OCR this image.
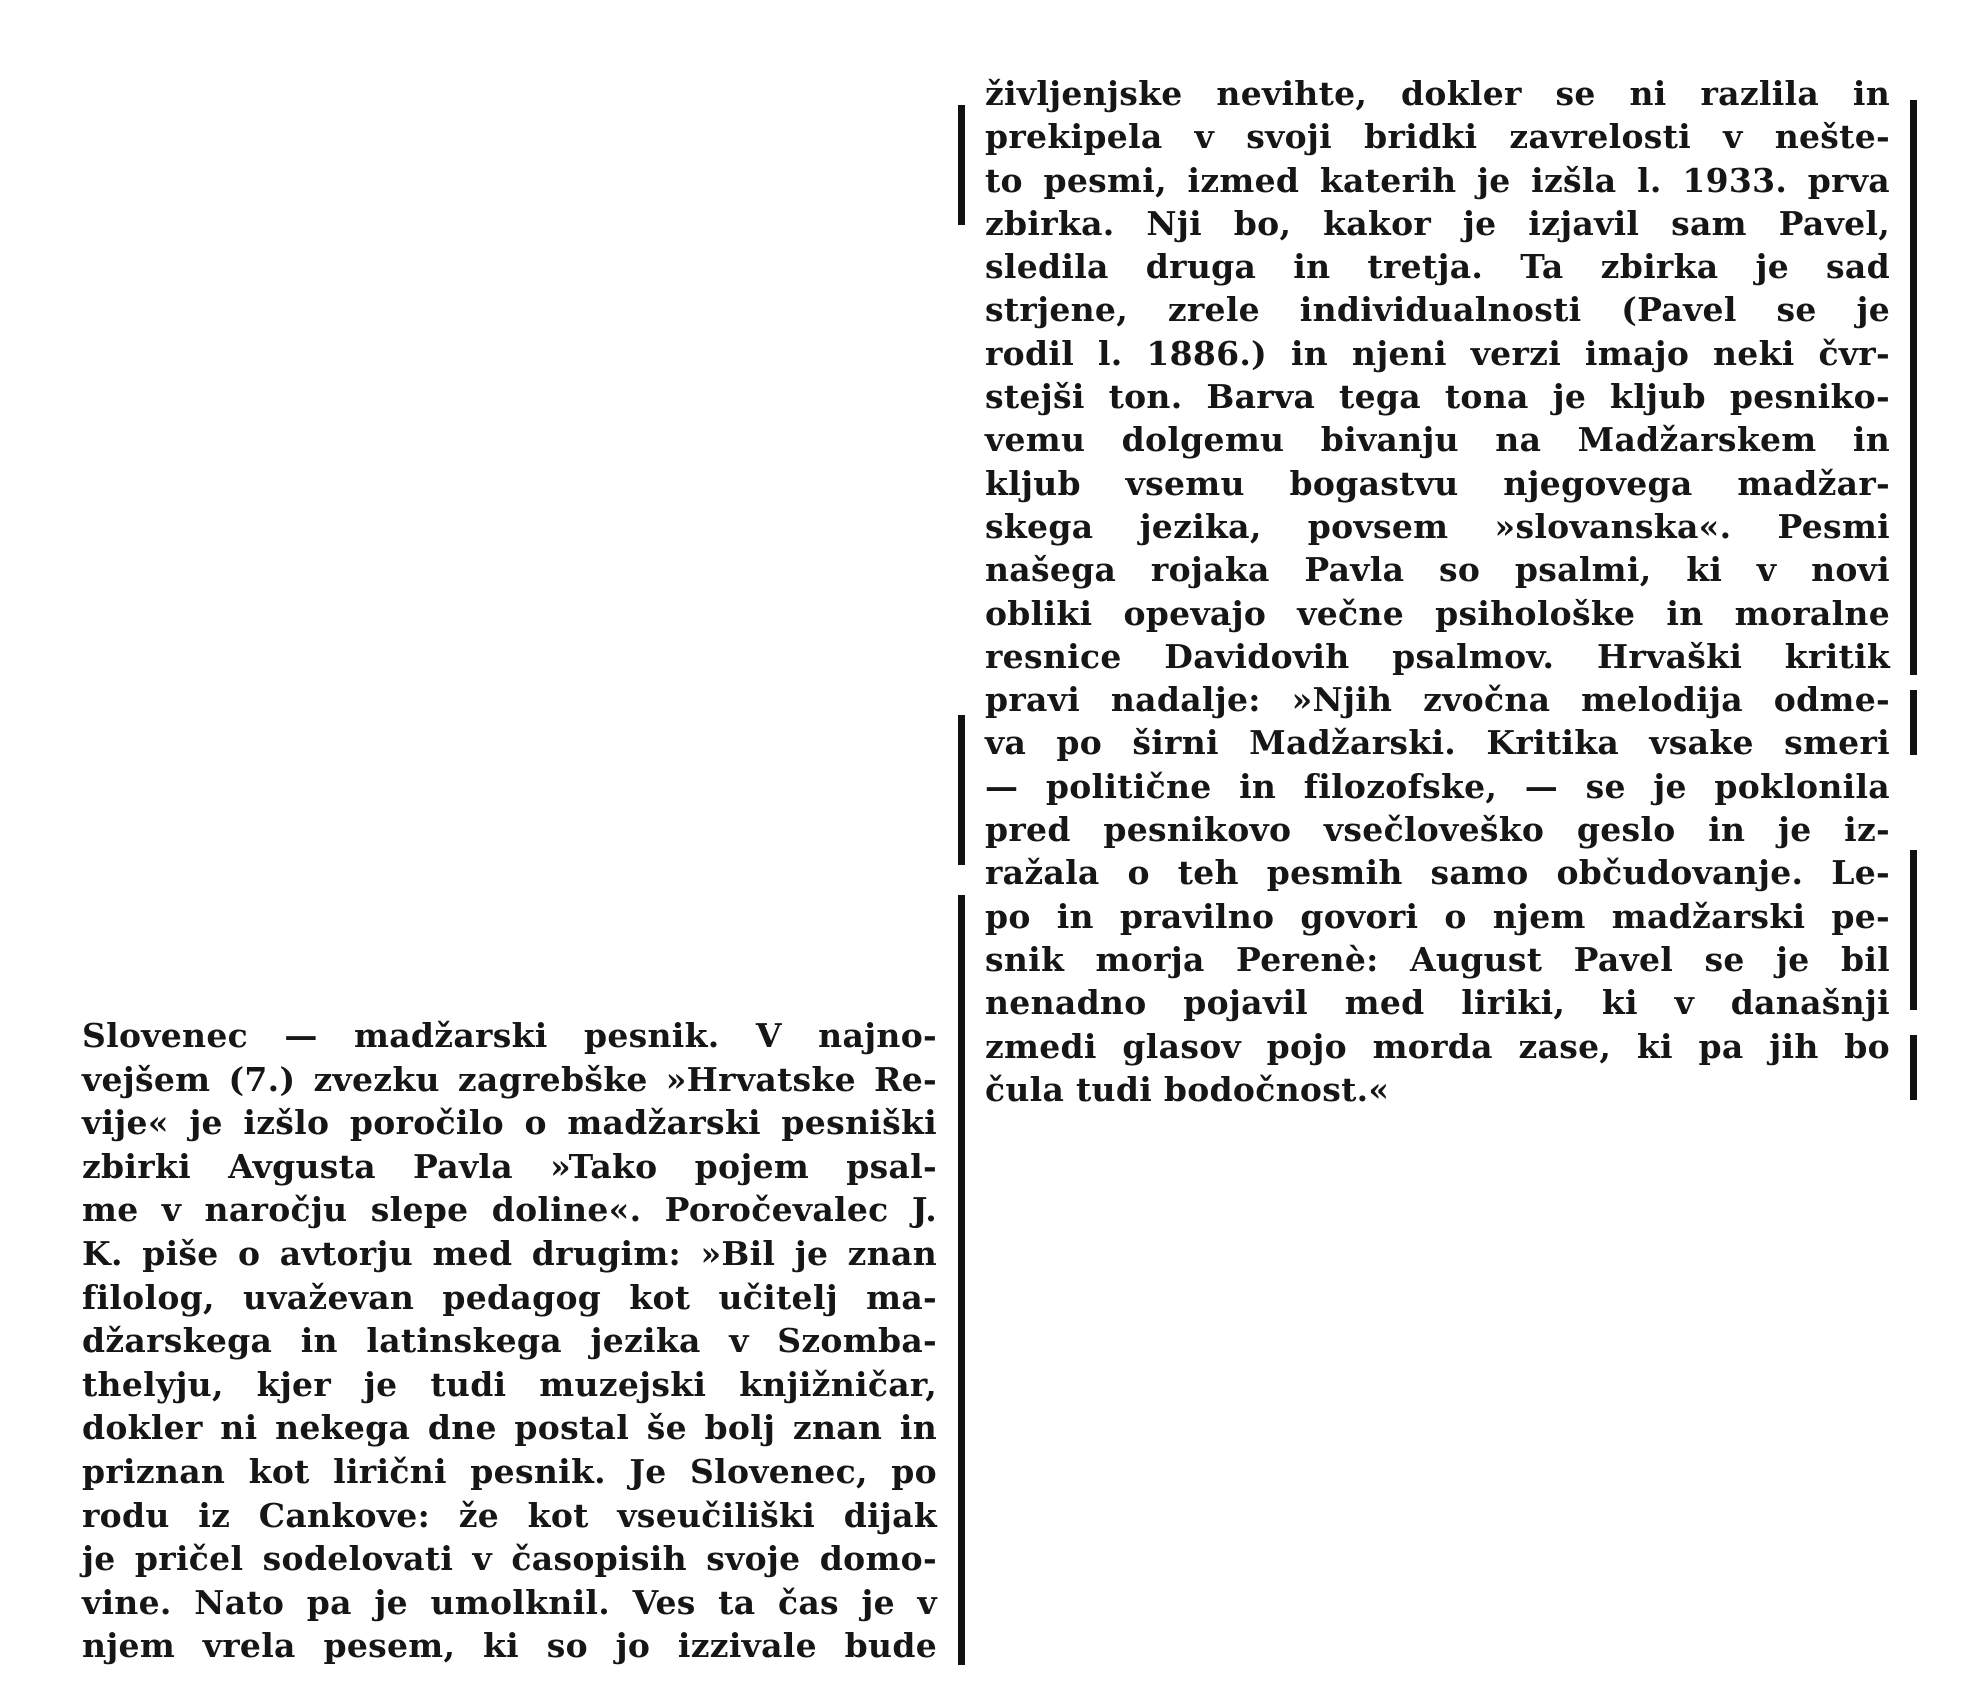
Slovenec — madžarski pesnik. V najno-
vejšem (7.) zvezku zagrebške »Hrvatske Re-
vije« je izšlo poročilo o madžarski pesniški
zbirki Avgusta Pavla »Tako pojem psal-
me v naročju slepe doline«. Poročevalec J.
K. piše o avtorju med drugim: »Bil je znan
filolog, uvaževan pedagog kot učitelj ma-
džarskega in latinskega jezika v Szomba-
thelyju, kjer je tudi muzejski knjižničar,
dokler ni nekega dne postal še bolj znan in
priznan kot lirični pesnik. Je Slovenec, po
rodu iz Cankove: že kot vseučiliški dijak
je pričel sodelovati v časopisih svoje domo-
vine. Nato pa je umolknil. Ves ta čas je v
njem vrela pesem, ki so jo izzivale bude
življenjske nevihte, dokler se ni razlila in
prekipela v svoji bridki zavrelosti v nešte-
to pesmi, izmed katerih je izšla l. 1933. prva
zbirka. Nji bo, kakor je izjavil sam Pavel,
sledila druga in tretja. Ta zbirka je sad
strjene, zrele individualnosti (Pavel se je
rodil l. 1886.) in njeni verzi imajo neki čvr-
stejši ton. Barva tega tona je kljub pesniko-
vemu dolgemu bivanju na Madžarskem in
kljub vsemu bogastvu njegovega madžar-
skega jezika, povsem »slovanska«. Pesmi
našega rojaka Pavla so psalmi, ki v novi
obliki opevajo večne psihološke in moralne
resnice Davidovih psalmov. Hrvaški kritik
pravi nadalje: »Njih zvočna melodija odme-
va po širni Madžarski. Kritika vsake smeri
— politične in filozofske, — se je poklonila
pred pesnikovo vsečloveško geslo in je iz-
ražala o teh pesmih samo občudovanje. Le-
po in pravilno govori o njem madžarski pe-
snik morja Perenè: August Pavel se je bil
nenadno pojavil med liriki, ki v današnji
zmedi glasov pojo morda zase, ki pa jih bo
čula tudi bodočnost.«
